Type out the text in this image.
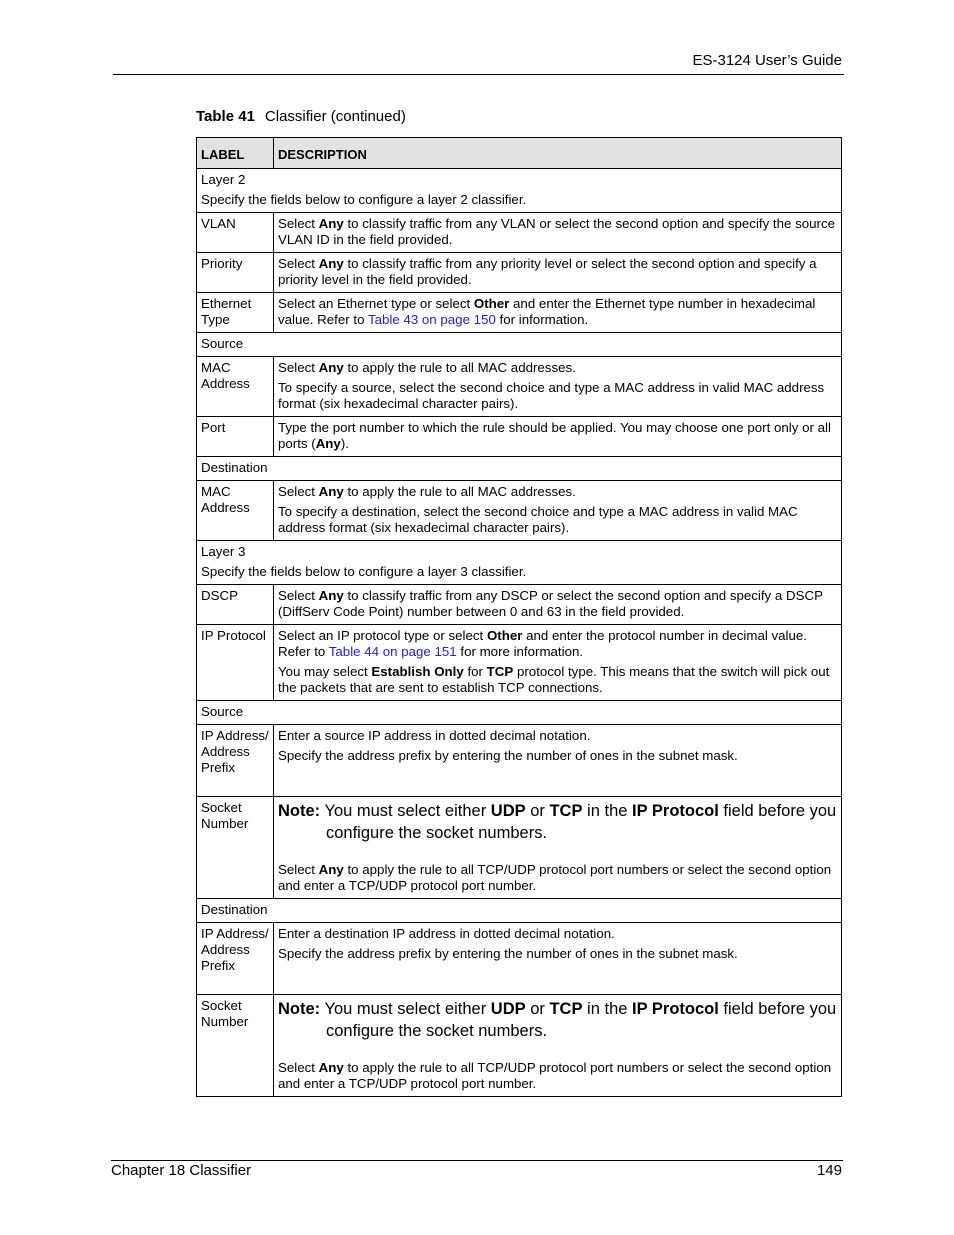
ES-3124 User’s Guide
Table 41 Classifier (continued)
LABEL	DESCRIPTION

Layer 2

Specify the fields below to configure a layer 2 classifier.	

VLAN	Select Any to classify traffic from any VLAN or select the second option and specify the source VLAN ID in the field provided.
Priority	Select Any to classify traffic from any priority level or select the second option and specify a priority level in the field provided.
Ethernet Type	Select an Ethernet type or select Other and enter the Ethernet type number in hexadecimal value. Refer to Table 43 on page 150 for information.
Source	
MAC Address	Select Any to apply the rule to all MAC addresses.

To specify a source, select the second choice and type a MAC address in valid MAC address format (six hexadecimal character pairs).

Port	Type the port number to which the rule should be applied. You may choose one port only or all ports (Any).
Destination	
MAC Address	Select Any to apply the rule to all MAC addresses.

To specify a destination, select the second choice and type a MAC address in valid MAC address format (six hexadecimal character pairs).

Layer 3

Specify the fields below to configure a layer 3 classifier.	

DSCP	Select Any to classify traffic from any DSCP or select the second option and specify a DSCP (DiffServ Code Point) number between 0 and 63 in the field provided.
IP Protocol	Select an IP protocol type or select Other and enter the protocol number in decimal value. Refer to Table 44 on page 151 for more information.

You may select Establish Only for TCP protocol type. This means that the switch will pick out the packets that are sent to establish TCP connections.

Source	
IP Address/ Address Prefix	Enter a source IP address in dotted decimal notation.

Specify the address prefix by entering the number of ones in the subnet mask.

Socket Number	Note: You must select either UDP or TCP in the IP Protocol field before you configure the socket numbers.

Select Any to apply the rule to all TCP/UDP protocol port numbers or select the second option and enter a TCP/UDP protocol port number.

Destination	
IP Address/ Address Prefix	Enter a destination IP address in dotted decimal notation.

Specify the address prefix by entering the number of ones in the subnet mask.

Socket Number	Note: You must select either UDP or TCP in the IP Protocol field before you configure the socket numbers.

Select Any to apply the rule to all TCP/UDP protocol port numbers or select the second option and enter a TCP/UDP protocol port number.

Chapter 18 Classifier	149
